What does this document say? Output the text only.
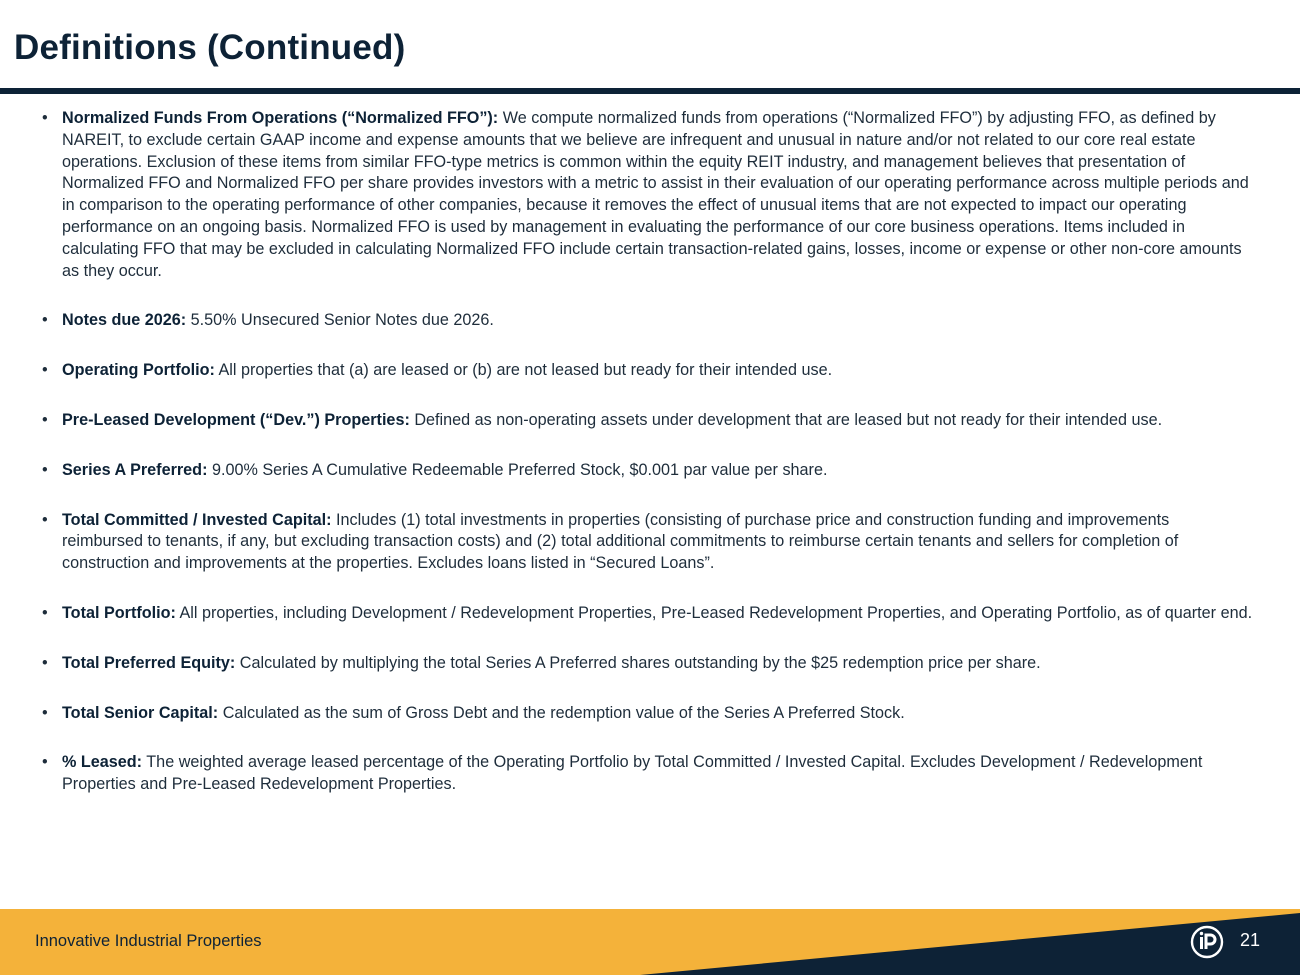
Definitions (Continued)
• Normalized Funds From Operations (“Normalized FFO”): We compute normalized funds from operations (“Normalized FFO”) by adjusting FFO, as defined by NAREIT, to exclude certain GAAP income and expense amounts that we believe are infrequent and unusual in nature and/or not related to our core real estate operations. Exclusion of these items from similar FFO-type metrics is common within the equity REIT industry, and management believes that presentation of Normalized FFO and Normalized FFO per share provides investors with a metric to assist in their evaluation of our operating performance across multiple periods and in comparison to the operating performance of other companies, because it removes the effect of unusual items that are not expected to impact our operating performance on an ongoing basis. Normalized FFO is used by management in evaluating the performance of our core business operations. Items included in calculating FFO that may be excluded in calculating Normalized FFO include certain transaction-related gains, losses, income or expense or other non-core amounts as they occur.
• Notes due 2026: 5.50% Unsecured Senior Notes due 2026.
• Operating Portfolio: All properties that (a) are leased or (b) are not leased but ready for their intended use.
• Pre-Leased Development (“Dev.”) Properties: Defined as non-operating assets under development that are leased but not ready for their intended use.
• Series A Preferred: 9.00% Series A Cumulative Redeemable Preferred Stock, $0.001 par value per share.
• Total Committed / Invested Capital: Includes (1) total investments in properties (consisting of purchase price and construction funding and improvements reimbursed to tenants, if any, but excluding transaction costs) and (2) total additional commitments to reimburse certain tenants and sellers for completion of construction and improvements at the properties. Excludes loans listed in “Secured Loans”.
• Total Portfolio: All properties, including Development / Redevelopment Properties, Pre-Leased Redevelopment Properties, and Operating Portfolio, as of quarter end.
• Total Preferred Equity: Calculated by multiplying the total Series A Preferred shares outstanding by the $25 redemption price per share.
• Total Senior Capital: Calculated as the sum of Gross Debt and the redemption value of the Series A Preferred Stock.
• % Leased: The weighted average leased percentage of the Operating Portfolio by Total Committed / Invested Capital. Excludes Development / Redevelopment Properties and Pre-Leased Redevelopment Properties.
Innovative Industrial Properties	21
